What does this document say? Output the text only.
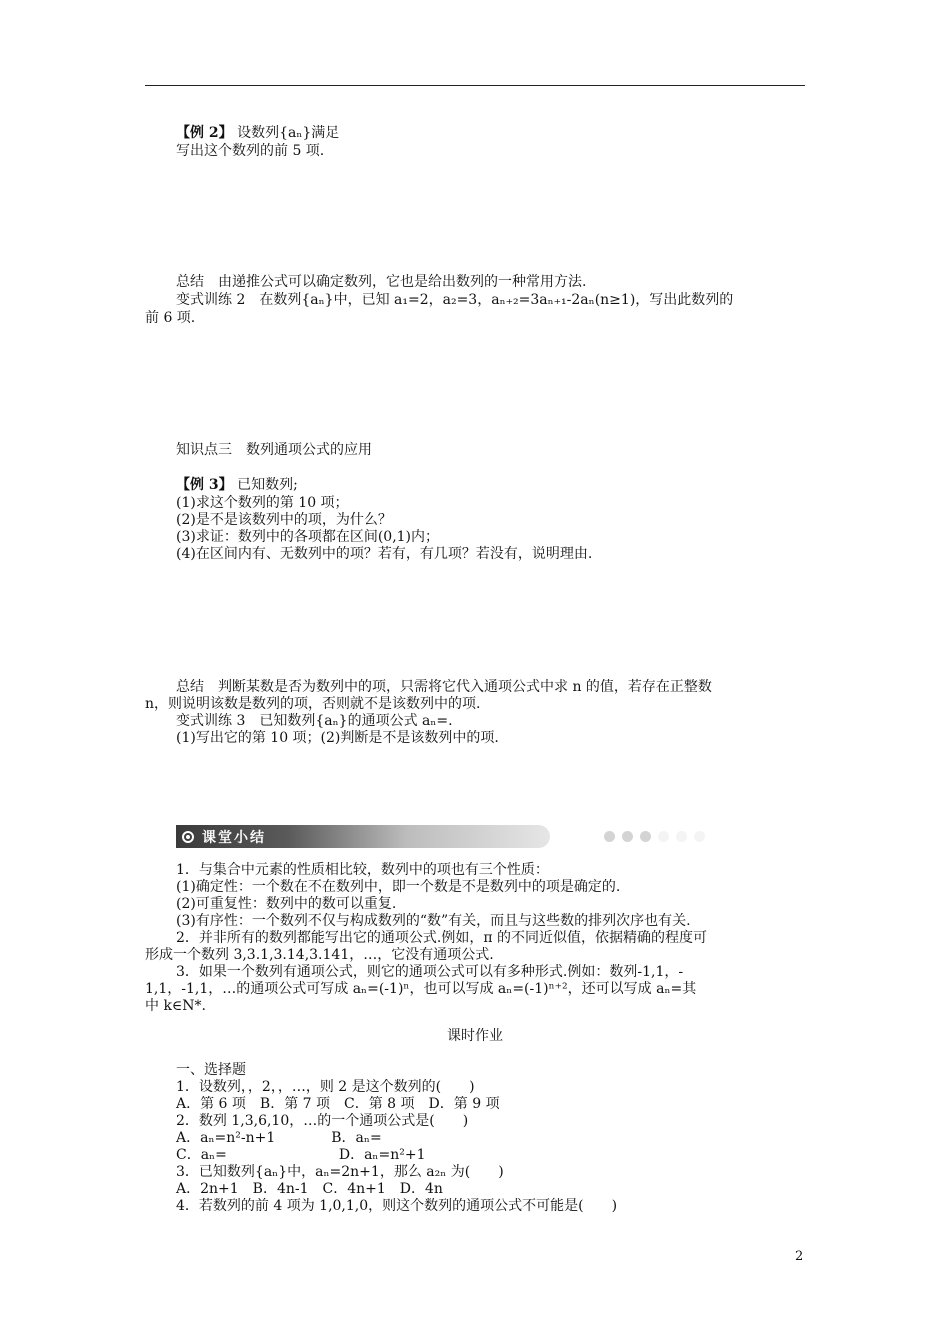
【例 2】 设数列{aₙ}满足
写出这个数列的前 5 项.
总结　由递推公式可以确定数列，它也是给出数列的一种常用方法.
变式训练 2　在数列{aₙ}中，已知 a₁=2，a₂=3，aₙ₊₂=3aₙ₊₁-2aₙ(n≥1)，写出此数列的
前 6 项.
知识点三　数列通项公式的应用
【例 3】 已知数列;
(1)求这个数列的第 10 项；
(2)是不是该数列中的项，为什么？
(3)求证：数列中的各项都在区间(0,1)内；
(4)在区间内有、无数列中的项？若有，有几项？若没有，说明理由.
总结　判断某数是否为数列中的项，只需将它代入通项公式中求 n 的值，若存在正整数
n，则说明该数是数列的项，否则就不是该数列中的项.
变式训练 3　已知数列{aₙ}的通项公式 aₙ=.
(1)写出它的第 10 项；(2)判断是不是该数列中的项.
课堂小结
1．与集合中元素的性质相比较，数列中的项也有三个性质：
(1)确定性：一个数在不在数列中，即一个数是不是数列中的项是确定的.
(2)可重复性：数列中的数可以重复.
(3)有序性：一个数列不仅与构成数列的“数”有关，而且与这些数的排列次序也有关.
2．并非所有的数列都能写出它的通项公式.例如，π 的不同近似值，依据精确的程度可
形成一个数列 3,3.1,3.14,3.141，…，它没有通项公式.
3．如果一个数列有通项公式，则它的通项公式可以有多种形式.例如：数列-1,1，-
1,1，-1,1，…的通项公式可写成 aₙ=(-1)ⁿ，也可以写成 aₙ=(-1)ⁿ⁺²，还可以写成 aₙ=其
中 k∈N*.
课时作业
一、选择题
1．设数列，，2，，…，则 2 是这个数列的(　　)
A．第 6 项　B．第 7 项　C．第 8 项　D．第 9 项
2．数列 1,3,6,10，…的一个通项公式是(　　)
A．aₙ=n²-n+1　　　　B．aₙ=
C．aₙ=　　　　　　　　D．aₙ=n²+1
3．已知数列{aₙ}中，aₙ=2n+1，那么 a₂ₙ 为(　　)
A．2n+1　B．4n-1　C．4n+1　D．4n
4．若数列的前 4 项为 1,0,1,0，则这个数列的通项公式不可能是(　　)
2
